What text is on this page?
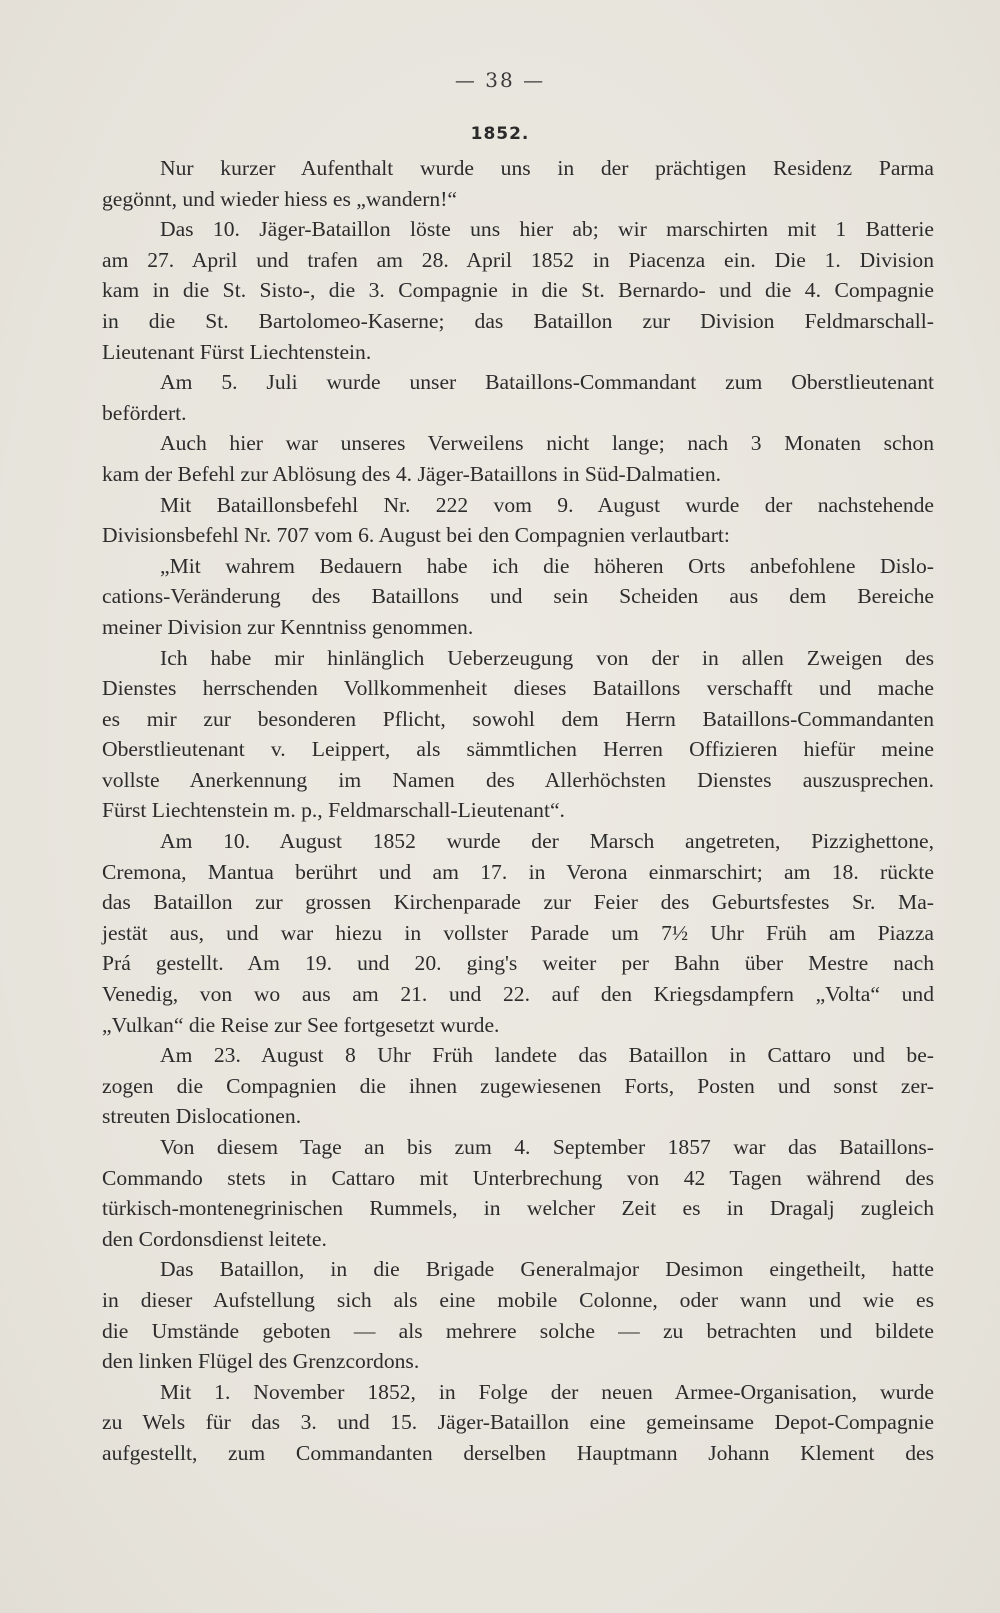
— 38 —
1852.
Nur kurzer Aufenthalt wurde uns in der prächtigen Residenz Parma
gegönnt, und wieder hiess es „wandern!“
Das 10. Jäger-Bataillon löste uns hier ab; wir marschirten mit 1 Batterie
am 27. April und trafen am 28. April 1852 in Piacenza ein. Die 1. Division
kam in die St. Sisto-, die 3. Compagnie in die St. Bernardo- und die 4. Compagnie
in die St. Bartolomeo-Kaserne; das Bataillon zur Division Feldmarschall-
Lieutenant Fürst Liechtenstein.
Am 5. Juli wurde unser Bataillons-Commandant zum Oberstlieutenant
befördert.
Auch hier war unseres Verweilens nicht lange; nach 3 Monaten schon
kam der Befehl zur Ablösung des 4. Jäger-Bataillons in Süd-Dalmatien.
Mit Bataillonsbefehl Nr. 222 vom 9. August wurde der nachstehende
Divisionsbefehl Nr. 707 vom 6. August bei den Compagnien verlautbart:
„Mit wahrem Bedauern habe ich die höheren Orts anbefohlene Dislo-
cations-Veränderung des Bataillons und sein Scheiden aus dem Bereiche
meiner Division zur Kenntniss genommen.
Ich habe mir hinlänglich Ueberzeugung von der in allen Zweigen des
Dienstes herrschenden Vollkommenheit dieses Bataillons verschafft und mache
es mir zur besonderen Pflicht, sowohl dem Herrn Bataillons-Commandanten
Oberstlieutenant v. Leippert, als sämmtlichen Herren Offizieren hiefür meine
vollste Anerkennung im Namen des Allerhöchsten Dienstes auszusprechen.
Fürst Liechtenstein m. p., Feldmarschall-Lieutenant“.
Am 10. August 1852 wurde der Marsch angetreten, Pizzighettone,
Cremona, Mantua berührt und am 17. in Verona einmarschirt; am 18. rückte
das Bataillon zur grossen Kirchenparade zur Feier des Geburtsfestes Sr. Ma-
jestät aus, und war hiezu in vollster Parade um 7½ Uhr Früh am Piazza
Prá gestellt. Am 19. und 20. ging's weiter per Bahn über Mestre nach
Venedig, von wo aus am 21. und 22. auf den Kriegsdampfern „Volta“ und
„Vulkan“ die Reise zur See fortgesetzt wurde.
Am 23. August 8 Uhr Früh landete das Bataillon in Cattaro und be-
zogen die Compagnien die ihnen zugewiesenen Forts, Posten und sonst zer-
streuten Dislocationen.
Von diesem Tage an bis zum 4. September 1857 war das Bataillons-
Commando stets in Cattaro mit Unterbrechung von 42 Tagen während des
türkisch-montenegrinischen Rummels, in welcher Zeit es in Dragalj zugleich
den Cordonsdienst leitete.
Das Bataillon, in die Brigade Generalmajor Desimon eingetheilt, hatte
in dieser Aufstellung sich als eine mobile Colonne, oder wann und wie es
die Umstände geboten — als mehrere solche — zu betrachten und bildete
den linken Flügel des Grenzcordons.
Mit 1. November 1852, in Folge der neuen Armee-Organisation, wurde
zu Wels für das 3. und 15. Jäger-Bataillon eine gemeinsame Depot-Compagnie
aufgestellt, zum Commandanten derselben Hauptmann Johann Klement des
